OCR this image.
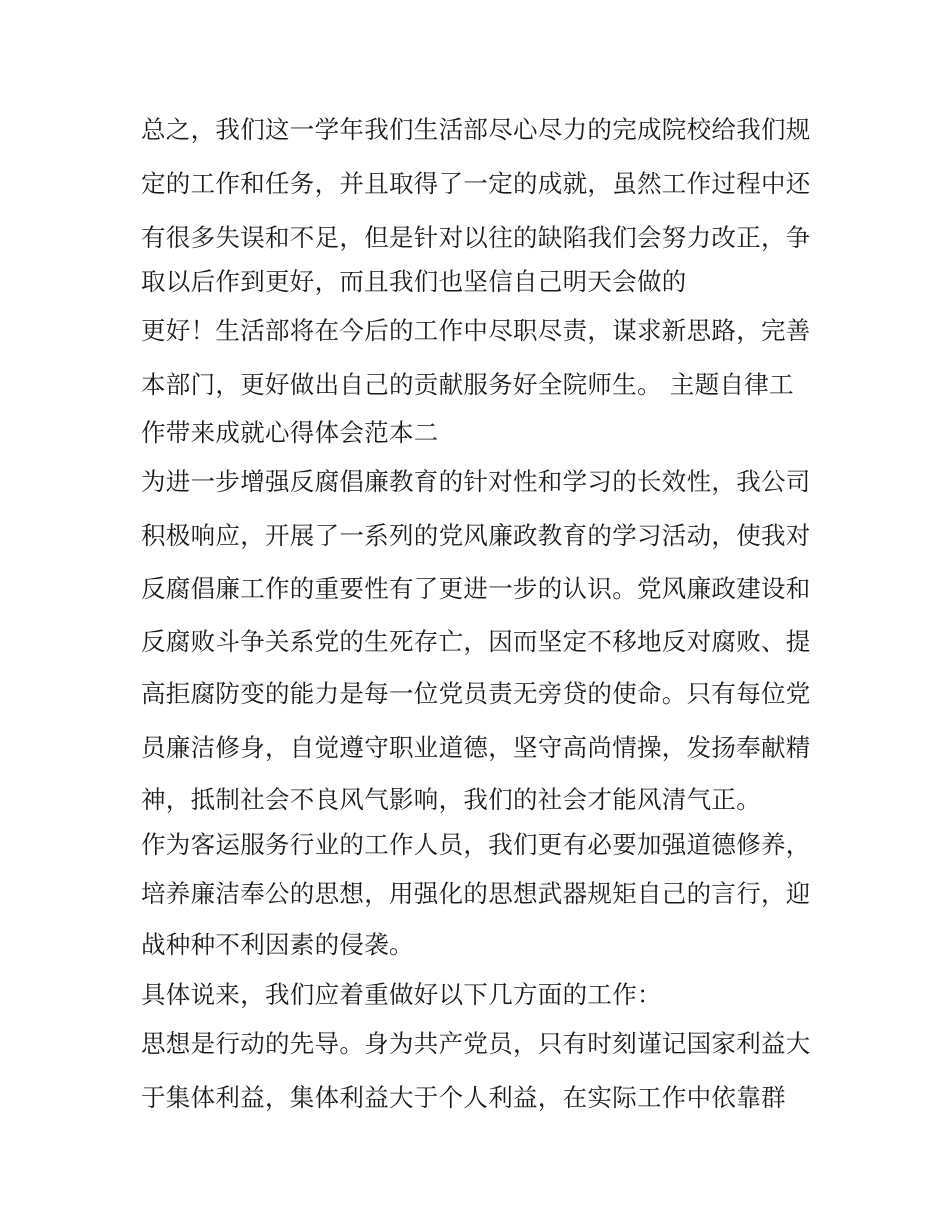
总之，我们这一学年我们生活部尽心尽力的完成院校给我们规
定的工作和任务，并且取得了一定的成就，虽然工作过程中还
有很多失误和不足，但是针对以往的缺陷我们会努力改正，争
取以后作到更好，而且我们也坚信自己明天会做的
更好！生活部将在今后的工作中尽职尽责，谋求新思路，完善
本部门，更好做出自己的贡献服务好全院师生。 主题自律工
作带来成就心得体会范本二
为进一步增强反腐倡廉教育的针对性和学习的长效性，我公司
积极响应，开展了一系列的党风廉政教育的学习活动，使我对
反腐倡廉工作的重要性有了更进一步的认识。党风廉政建设和
反腐败斗争关系党的生死存亡，因而坚定不移地反对腐败、提
高拒腐防变的能力是每一位党员责无旁贷的使命。只有每位党
员廉洁修身，自觉遵守职业道德，坚守高尚情操，发扬奉献精
神，抵制社会不良风气影响，我们的社会才能风清气正。
作为客运服务行业的工作人员，我们更有必要加强道德修养，
培养廉洁奉公的思想，用强化的思想武器规矩自己的言行，迎
战种种不利因素的侵袭。
具体说来，我们应着重做好以下几方面的工作：
思想是行动的先导。身为共产党员，只有时刻谨记国家利益大
于集体利益，集体利益大于个人利益，在实际工作中依靠群
